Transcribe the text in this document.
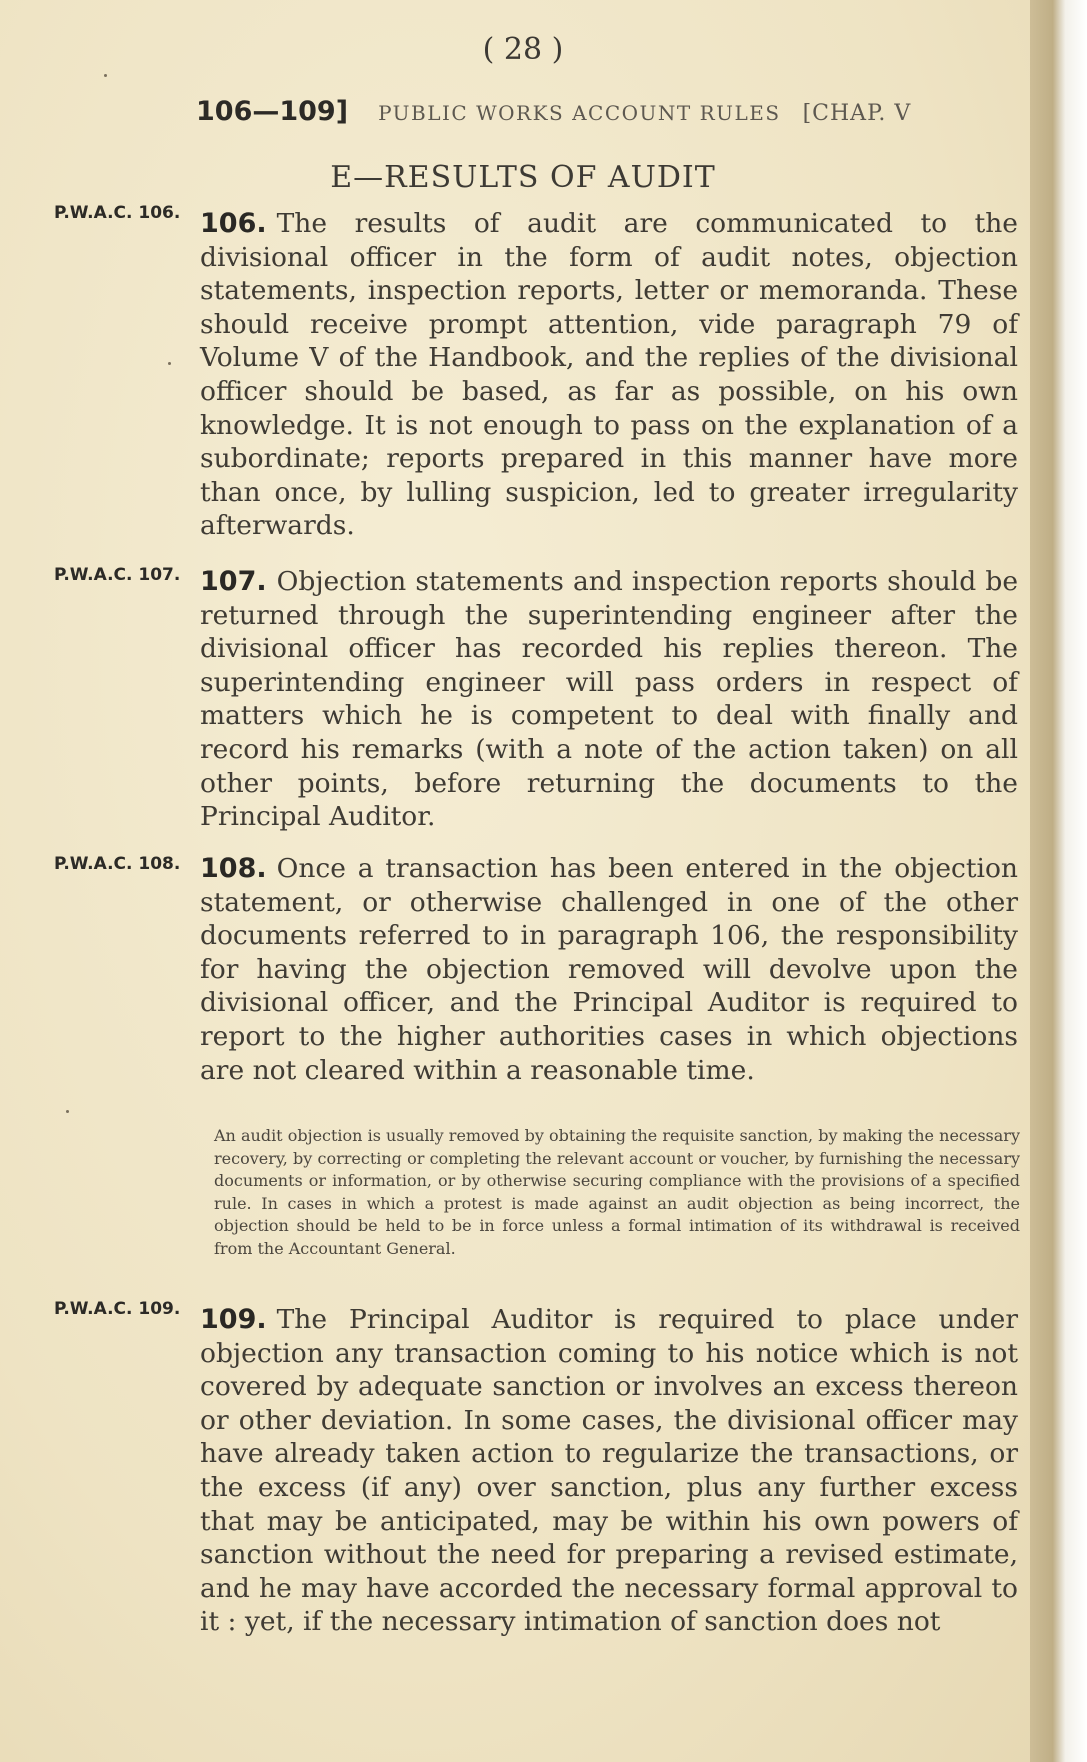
( 28 )
106—109] PUBLIC WORKS ACCOUNT RULES [CHAP. V
E—RESULTS OF AUDIT
P.W.A.C. 106. 106. The results of audit are communicated to the divisional officer in the form of audit notes, objection statements, inspection reports, letter or memoranda. These should receive prompt attention, vide paragraph 79 of Volume V of the Handbook, and the replies of the divisional officer should be based, as far as possible, on his own knowledge. It is not enough to pass on the explanation of a subordinate; reports prepared in this manner have more than once, by lulling suspicion, led to greater irregularity afterwards.

P.W.A.C. 107. 107. Objection statements and inspection reports should be returned through the superintending engineer after the divisional officer has recorded his replies thereon. The superintending engineer will pass orders in respect of matters which he is competent to deal with finally and record his remarks (with a note of the action taken) on all other points, before returning the documents to the Principal Auditor.

P.W.A.C. 108. 108. Once a transaction has been entered in the objection statement, or otherwise challenged in one of the other documents referred to in paragraph 106, the responsibility for having the objection removed will devolve upon the divisional officer, and the Principal Auditor is required to report to the higher authorities cases in which objections are not cleared within a reasonable time.

An audit objection is usually removed by obtaining the requisite sanction, by making the necessary recovery, by correcting or completing the relevant account or voucher, by furnishing the necessary documents or information, or by otherwise securing compliance with the provisions of a specified rule. In cases in which a protest is made against an audit objection as being incorrect, the objection should be held to be in force unless a formal intimation of its withdrawal is received from the Accountant General.

P.W.A.C. 109. 109. The Principal Auditor is required to place under objection any transaction coming to his notice which is not covered by adequate sanction or involves an excess thereon or other deviation. In some cases, the divisional officer may have already taken action to regularize the transactions, or the excess (if any) over sanction, plus any further excess that may be anticipated, may be within his own powers of sanction without the need for preparing a revised estimate, and he may have accorded the necessary formal approval to it : yet, if the necessary intimation of sanction does not
